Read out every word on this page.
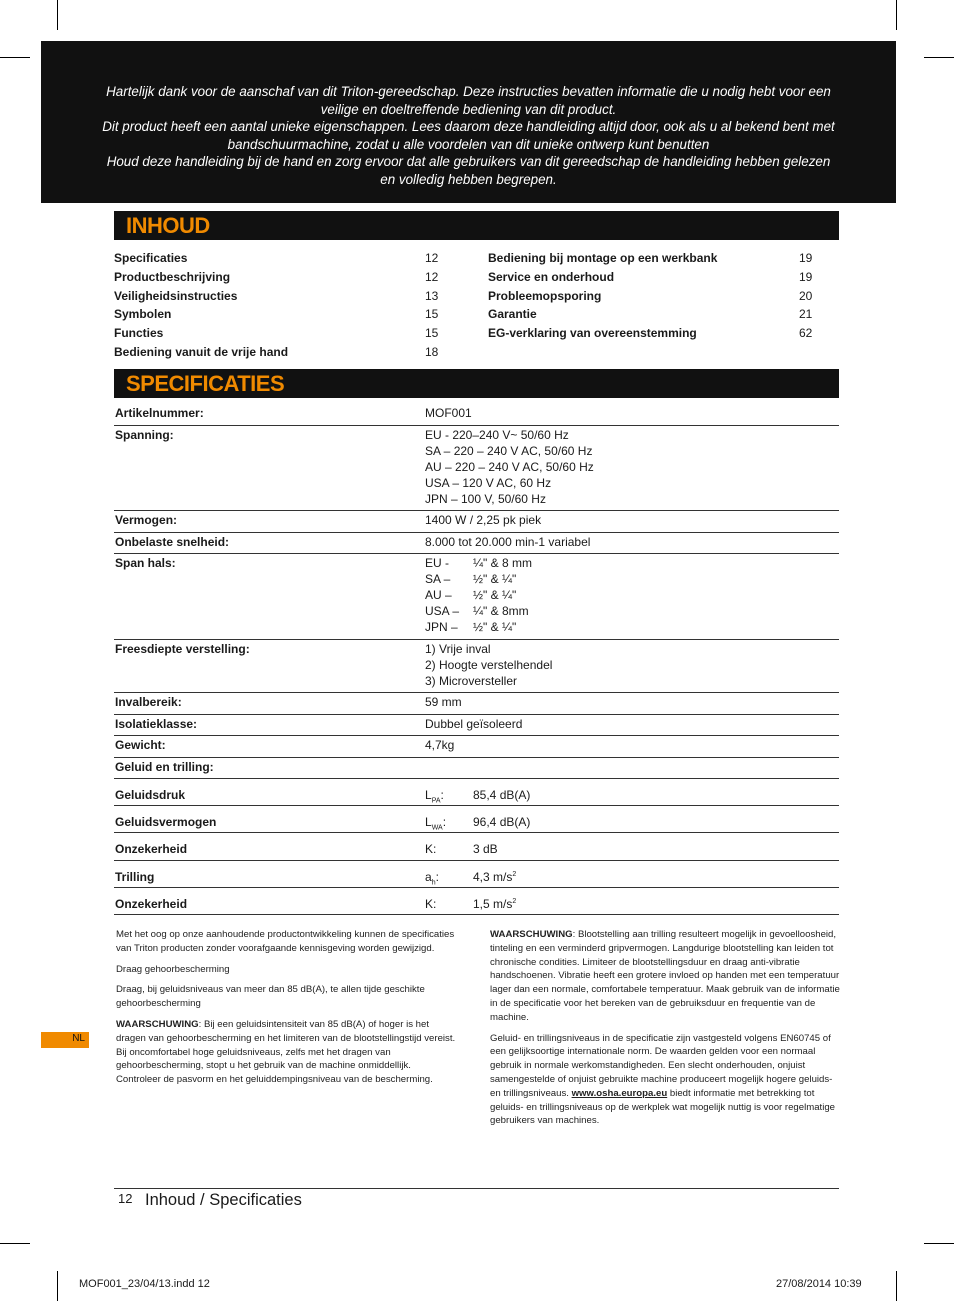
Hartelijk dank voor de aanschaf van dit Triton-gereedschap. Deze instructies bevatten informatie die u nodig hebt voor een veilige en doeltreffende bediening van dit product.

Dit product heeft een aantal unieke eigenschappen. Lees daarom deze handleiding altijd door, ook als u al bekend bent met bandschuurmachine, zodat u alle voordelen van dit unieke ontwerp kunt benutten

Houd deze handleiding bij de hand en zorg ervoor dat alle gebruikers van dit gereedschap de handleiding hebben gelezen en volledig hebben begrepen.

INHOUD
Specificaties	12
Productbeschrijving	12
Veiligheidsinstructies	13
Symbolen	15
Functies	15
Bediening vanuit de vrije hand	18
Bediening bij montage op een werkbank	19
Service en onderhoud	19
Probleemopsporing	20
Garantie	21
EG-verklaring van overeenstemming	62
SPECIFICATIES
Artikelnummer:	MOF001
Spanning:	EU - 220–240 V~ 50/60 Hz
SA – 220 – 240 V AC, 50/60 Hz
AU – 220 – 240 V AC, 50/60 Hz
USA – 120 V AC, 60 Hz
JPN – 100 V, 50/60 Hz
Vermogen:	1400 W / 2,25 pk piek
Onbelaste snelheid:	8.000 tot 20.000 min-1 variabel
Span hals:	EU - ¼" & 8 mm
SA – ½" & ¼"
AU – ½" & ¼"
USA – ¼" & 8mm
JPN – ½" & ¼"
Freesdiepte verstelling:	1) Vrije inval
2) Hoogte verstelhendel
3) Microversteller
Invalbereik:	59 mm
Isolatieklasse:	Dubbel geïsoleerd
Gewicht:	4,7kg
Geluid en trilling:
Geluidsdruk	$L_{PA}$: 85,4 dB(A)
Geluidsvermogen	$L_{WA}$: 96,4 dB(A)
Onzekerheid	K:	3 dB
Trilling	$a_h$:	4,3 $m/s^2$
Onzekerheid	K:	1,5 $m/s^2$

Met het oog op onze aanhoudende productontwikkeling kunnen de specificaties van Triton producten zonder voorafgaande kennisgeving worden gewijzigd.

Draag gehoorbescherming

Draag, bij geluidsniveaus van meer dan 85 dB(A), te allen tijde geschikte gehoorbescherming

WAARSCHUWING: Bij een geluidsintensiteit van 85 dB(A) of hoger is het dragen van gehoorbescherming en het limiteren van de blootstellingstijd vereist. Bij oncomfortabel hoge geluidsniveaus, zelfs met het dragen van gehoorbescherming, stopt u het gebruik van de machine onmiddellijk. Controleer de pasvorm en het geluiddempingsniveau van de bescherming.

WAARSCHUWING: Blootstelling aan trilling resulteert mogelijk in gevoelloosheid, tinteling en een verminderd gripvermogen. Langdurige blootstelling kan leiden tot chronische condities. Limiteer de blootstellingsduur en draag anti-vibratie handschoenen. Vibratie heeft een grotere invloed op handen met een temperatuur lager dan een normale, comfortabele temperatuur. Maak gebruik van de informatie in de specificatie voor het bereken van de gebruiksduur en frequentie van de machine.

Geluid- en trillingsniveaus in de specificatie zijn vastgesteld volgens EN60745 of een gelijksoortige internationale norm. De waarden gelden voor een normaal gebruik in normale werkomstandigheden. Een slecht onderhouden, onjuist samengestelde of onjuist gebruikte machine produceert mogelijk hogere geluids- en trillingsniveaus. www.osha.europa.eu biedt informatie met betrekking tot geluids- en trillingsniveaus op de werkplek wat mogelijk nuttig is voor regelmatige gebruikers van machines.

NL
12 Inhoud / Specificaties
MOF001_23/04/13.indd 12	27/08/2014 10:39
